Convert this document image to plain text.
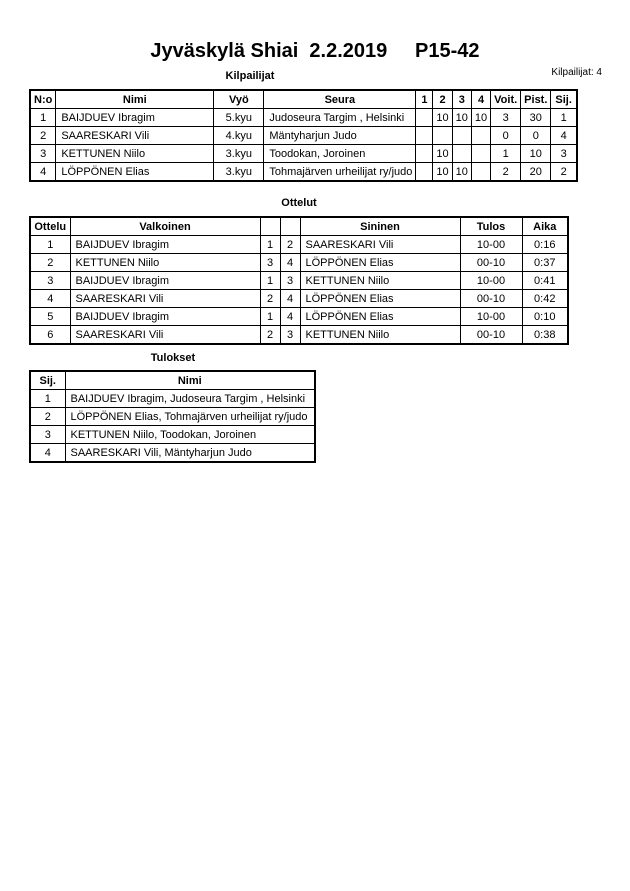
Jyväskylä Shiai  2.2.2019     P15-42
Kilpailijat: 4
Kilpailijat
N:o	Nimi	Vyö	Seura	1	2	3	4	Voit.	Pist.	Sij.
1	BAIJDUEV Ibragim	5.kyu	Judoseura Targim , Helsinki		10	10	10	3	30	1
2	SAARESKARI Vili	4.kyu	Mäntyharjun Judo					0	0	4
3	KETTUNEN Niilo	3.kyu	Toodokan, Joroinen		10			1	10	3
4	LÖPPÖNEN Elias	3.kyu	Tohmajärven urheilijat ry/judo		10	10		2	20	2
Ottelut
Ottelu	Valkoinen			Sininen	Tulos	Aika
1	BAIJDUEV Ibragim	1	2	SAARESKARI Vili	10-00	0:16
2	KETTUNEN Niilo	3	4	LÖPPÖNEN Elias	00-10	0:37
3	BAIJDUEV Ibragim	1	3	KETTUNEN Niilo	10-00	0:41
4	SAARESKARI Vili	2	4	LÖPPÖNEN Elias	00-10	0:42
5	BAIJDUEV Ibragim	1	4	LÖPPÖNEN Elias	10-00	0:10
6	SAARESKARI Vili	2	3	KETTUNEN Niilo	00-10	0:38
Tulokset
Sij.	Nimi
1	BAIJDUEV Ibragim, Judoseura Targim , Helsinki
2	LÖPPÖNEN Elias, Tohmajärven urheilijat ry/judo
3	KETTUNEN Niilo, Toodokan, Joroinen
4	SAARESKARI Vili, Mäntyharjun Judo
